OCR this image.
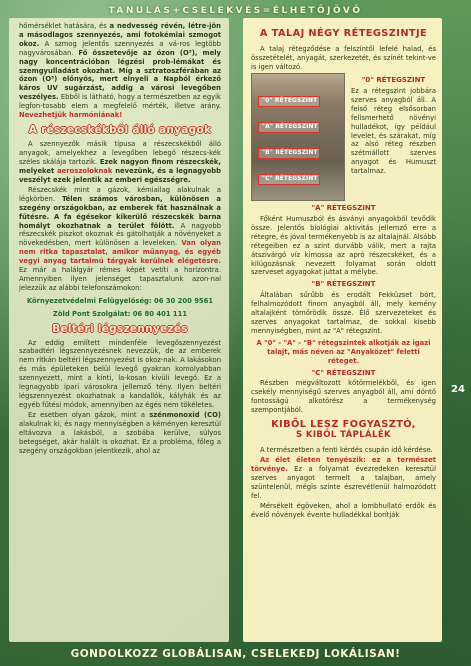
TANULÁS+CSELEKVÉS=ÉLHETŐJÖVŐ

hőmérséklet hatására, és a nedvesség révén, létre-jön a másodlagos szennyezés, ami fotokémiai szmogot okoz. A szmog jelentős szennyezés a vá-ros legtöbb nagyvárosában. Fő összetevője az ózon (O³), mely nagy koncentrációban légzési prob-lémákat és szemgyulladást okozhat. Míg a sztratoszférában az ózon (O³) előnyös, mert elnyeli a Napból érkező káros UV sugárzást, addig a városi levegőben veszélyes. Ebből is látható, hogy a természetben az egyik legfon-tosabb elem a megfelelő mérték, illetve arány. Nevezhetjük harmóniának!

A részecskékből álló anyagok

A szennyezők másik típusa a részecskékből álló anyagok, amelyekhez a levegőben lebegő részecs-kék széles skálája tartozik. Ezek nagyon finom részecskék, melyeket aeroszoloknak nevezünk, és a legnagyobb veszélyt ezek jelentik az emberi egészségre.

Részecskék mint a gázok, kémiailag alakulnak a légkörben. Télen számos városban, különösen a szegény országokban, az emberek fát használnak a fűtésre. A fa égésekor kikerülő részecskék barna homályt okozhatnak a terület fölött. A nagyobb részecskék piszkot okoznak és gátolhatják a növényeket a növekedésben, mert különösen a leveleken. Van olyan nem ritka tapasztalat, amikor műanyag, és egyéb vegyi anyag tartalmú tárgyak kerülnek elégetésre. Ez már a halálgyár rémes képét vetíti a horizontra. Amennyiben ilyen jelenséget tapasztalunk azon-nal jelezzük az alábbi telefonszámokon:

Környezetvédelmi Felügyelőség: 06 30 200 9561
Zöld Pont Szolgálat: 06 80 401 111
Beltéri légszennyezés

Az eddig említett mindenféle levegőszennyezést szabadtéri légszennyezésnek nevezzük, de az emberek nem ritkán beltéri légszennyezést is okoz-nak. A lakásokon és más épületeken belül levegő gyakran komolyabban szennyezett, mint a kinti, la-kosan kívüli levegő. Ez a legnagyobb ipari városokra jellemző tény. Ilyen beltéri légszennyezést okozhatnak a kandallók, kályhák és az egyéb fűtési módok, amennyiben az égés nem tökéletes.

Ez esetben olyan gázok, mint a szénmonoxid (CO) alakulnak ki, és nagy mennyiségben a kéményen keresztül eltávozva a lakásból, a szobába kerülve, súlyos betegséget, akár halált is okozhat. Ez a probléma, főleg a szegény országokban jelentkezik, ahol az

A TALAJ NÉGY RÉTEGSZINTJE

A talaj rétegződése a felszíntől lefelé halad, és összetételét, anyagát, szerkezetét, és színét tekint-ve is igen változó.

"0" RÉTEGSZINT
"A" RÉTEGSZINT
"B" RÉTEGSZINT
"C" RÉTEGSZINT
"0" RÉTEGSZINT

Ez a rétegszint jobbára szerves anyagból áll. A felső réteg elsősorban felismerhető növényi hulladékot, így például levelet, és szárakat, míg az alsó réteg részben szétmállott szerves anyagot és Humuszt tartalmaz.

"A" RÉTEGSZINT

Főként Humuszból és ásványi anyagokból tevődik össze. Jelentős biológiai aktivitás jellemző erre a rétegre, és jóval termékenyebb is az altalajnál. Alsóbb rétegeiben ez a szint durvább válik, mert a rajta átszivárgó víz kimossa az apró részecskéket, és a kilúgozásnak nevezett folyamat során oldott szerveset agyagokat juttat a mélybe.

"B" RÉTEGSZINT

Általában sűrűbb és erodált Fekküzset bórt, felhalmozódott finom anyagból áll, mely kemény altalajként tömörödik össze. Élő szervezeteket és szerves anyagokat tartalmaz, de sokkal kisebb mennyiségben, mint az "A" rétegszint.

A "0" - "A" - "B" rétegszintek alkotják az igazi talajt, más néven az "Anyaközet" feletti réteget.

"C" RÉTEGSZINT

Részben megváltozott kőtörmelékből, és igen csekély mennyiségű szerves anyagból áll, ami döntő fontosságú alkotórész a termékenység szempontjából.

KIBŐL LESZ FOGYASZTÓ,
S KIBŐL TÁPLÁLÉK

A természetben a fenti kérdés csupán idő kérdése.

Az élet életen tenyészik: ez a természet törvénye. Ez a folyamat évezredeken keresztül szerves anyagot termelt a talajban, amely szüntelenül, mégis szinte észrevétlenül halmozódott fel.

Mérsékelt égöveken, ahol a lombhullató erdők és évelő növények évente hulladékkal borítják

24
GONDOLKOZZ GLOBÁLISAN, CSELEKEDJ LOKÁLISAN!
